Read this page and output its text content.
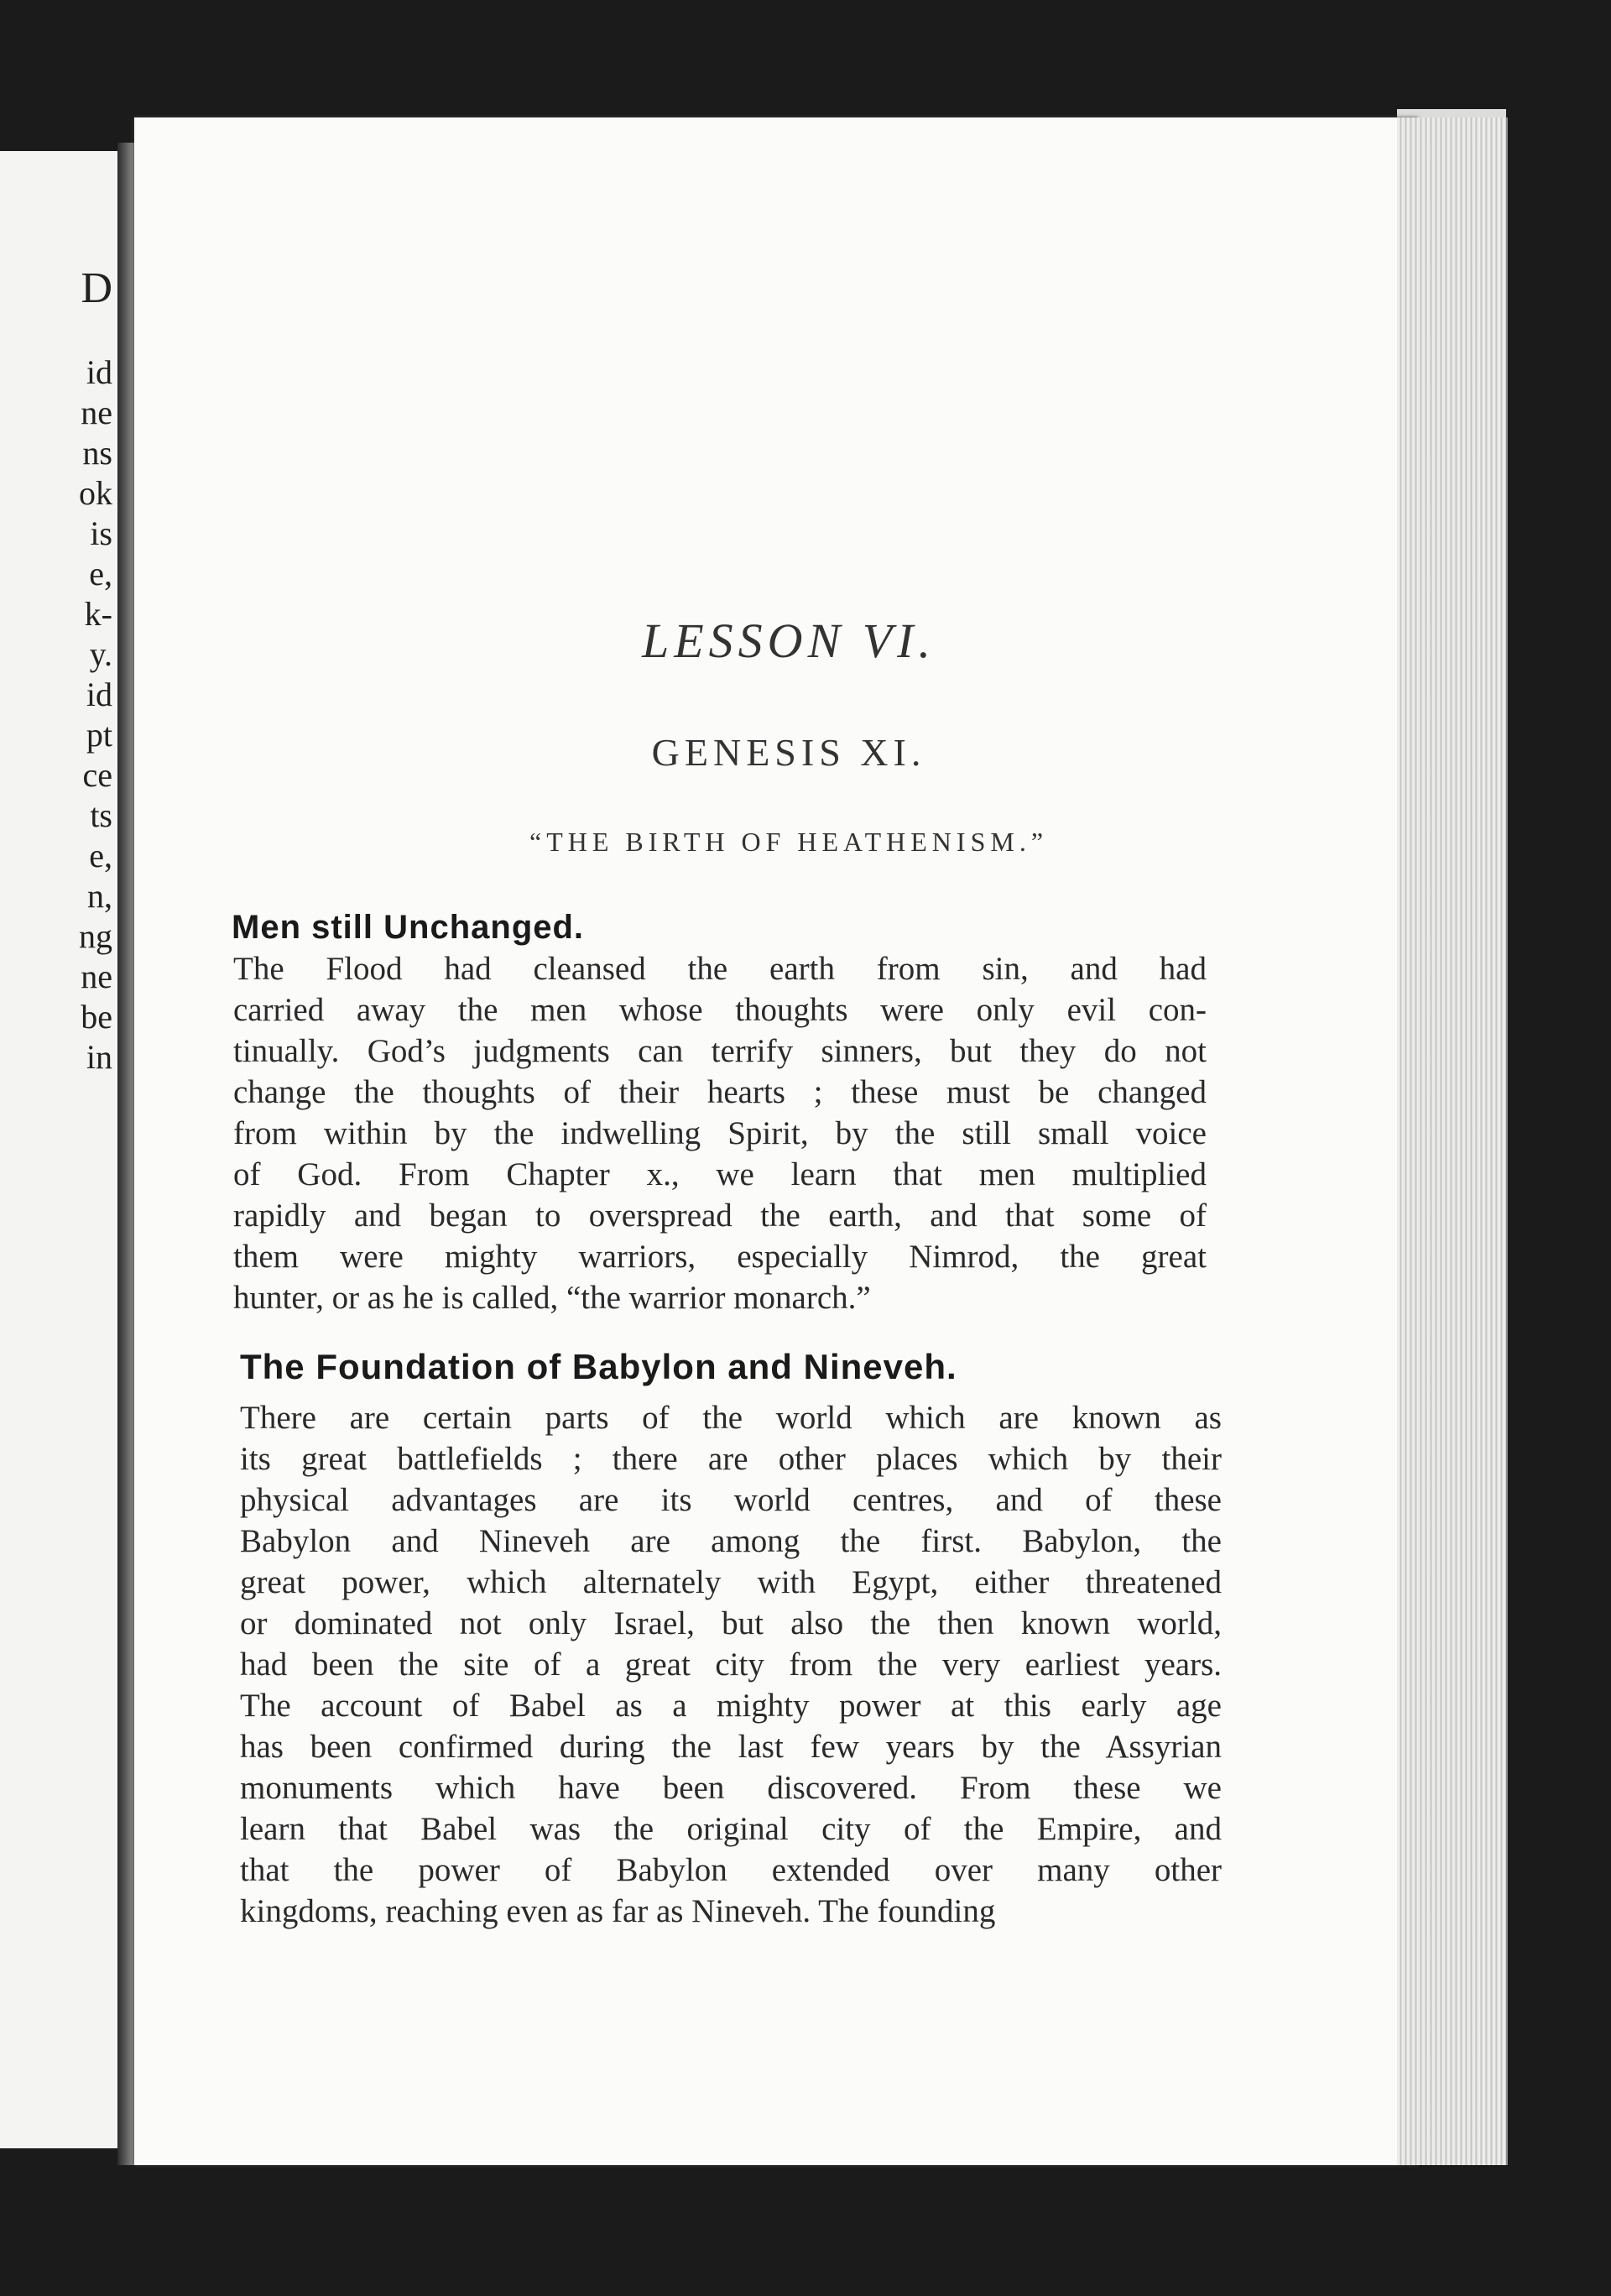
D
id
ne
ns
ok
is
e,
k-
y.
id
pt
ce
ts
e,
n,
ng
ne
be
in
LESSON VI.
GENESIS XI.
“THE BIRTH OF HEATHENISM.”
Men still Unchanged.
The Flood had cleansed the earth from sin, and had
carried away the men whose thoughts were only evil con-
tinually. God’s judgments can terrify sinners, but they do not
change the thoughts of their hearts ; these must be changed
from within by the indwelling Spirit, by the still small voice
of God. From Chapter x., we learn that men multiplied
rapidly and began to overspread the earth, and that some of
them were mighty warriors, especially Nimrod, the great
hunter, or as he is called, “the warrior monarch.”
The Foundation of Babylon and Nineveh.
There are certain parts of the world which are known as
its great battlefields ; there are other places which by their
physical advantages are its world centres, and of these
Babylon and Nineveh are among the first. Babylon, the
great power, which alternately with Egypt, either threatened
or dominated not only Israel, but also the then known world,
had been the site of a great city from the very earliest years.
The account of Babel as a mighty power at this early age
has been confirmed during the last few years by the Assyrian
monuments which have been discovered. From these we
learn that Babel was the original city of the Empire, and
that the power of Babylon extended over many other
kingdoms, reaching even as far as Nineveh. The founding
